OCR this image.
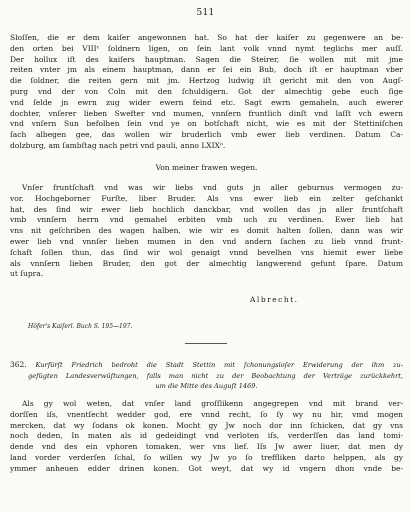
511

Sloſſen, die er dem kaiſer angewonnen hat. So hat der kaiſer zu gegenwere an be-

den orten bei VIIIᶜ ſoldnern ligen, on ſein lant volk vnnd nymt teglichs mer auſſ.

Der hollux iſt des kaiſers hauptman. Sagen die Steirer, ſie wollen mit mit jme

reiten vnter jm als einem hauptman, dann er ſei ein Bub, doch iſt er hauptman vber

die ſoldner, die reiten gern mit jm. Hertzog ludwig iſt gericht mit den von Augſ-

purg vnd der von Coln mit den ſchuldigern. Got der almechtig gebe euch ſige

vnd ſelde jn ewrn zug wider ewern feind etc. Sagt ewrn gemaheln, auch ewerer

dochter, vnſerer lieben Swefter vnd mumen, vnnſern fruntlich dinſt vnd laſſt vch ewern

vnd vnſern Sun befolhen ſein vnd ye on botſchaft nicht, wie es mit der Stettiniſchen

ſach albegen gee, das wollen wir bruderlich vmb ewer lieb verdinen. Datum Ca-

dolzburg, am ſambſtag nach petri vnd pauli, anno LXIXᵒ.

Von meiner frawen wegen.

Vnſer fruntſchaft vnd was wir liebs vnd guts jn aller geburnus vermogen zu-

vor. Hochgeborner Furſte, liber Bruder. Als vns ewer lieb ein zelter geſchankt

hat, des ſind wir ewer lieb hochlich danckbar, vnd wollen das jn aller fruntſchaft

vmb vnnſern herrn vnd gemahel erbiten vmb uch zu verdinen. Ewer lieb hat

vns nit geſchriben des wagen halben, wie wir es domit halten ſollen, dann was wir

ewer lieb vnd vnnſer lieben mumen in den vnd andern ſachen zu lieb vnnd frunt-

ſchaft ſollen thun, das ſind wir wol genaigt vnnd bevelhen vns hiemit ewer liebe

als vnnſern lieben Bruder, den got der almechtig langwerend gefunt ſpare. Datum

ut ſupra.

Albrecht.
Höfer's Kaiſerl. Buch S. 195—197.

362. Kurfürſt Friedrich bedroht die Stadt Stettin mit ſchonungsloſer Erwiderung der ihm zu-

gefügten Landesverwüſtungen, falls man nicht zu der Beobachtung der Verträge zurückkehrt,

um die Mitte des Auguſt 1469.

Als gy wol weten, dat vnſer land groſſlikenn angegrepen vnd mit brand ver-

dorſſen iſs, vnentſecht wedder god, ere vnnd recht, ſo ſy wy nu hir, vmd mogen

mercken, dat wy ſodans ok konen. Mocht gy Jw noch dor inn ſchicken, dat gy vns

noch deden, In maten als id gedeidingt vnd verloten iſs, verderſſen das land tomi-

dende vnd des ein vphoren tomaken, wer vns lief. Iſs Jw awer liuer, dat men dy

land vorder verderſen ſchal, ſo willen wy Jw yo ſo treffliken darto helppen, als gy

ymmer anheuen edder drinen konen. Got weyt, dat wy id vngern dhon vnde be-
